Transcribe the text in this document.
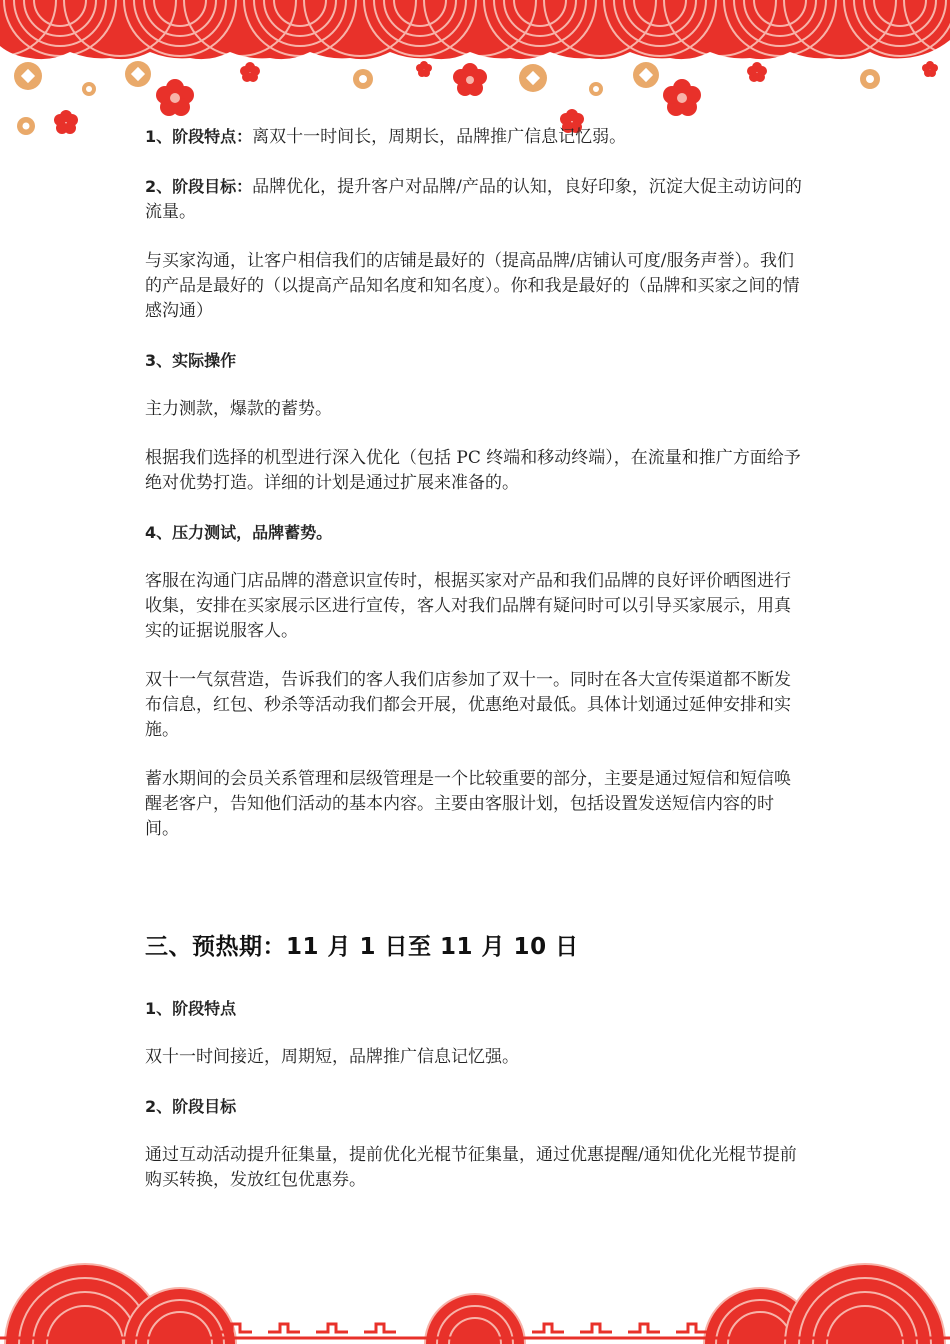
1、阶段特点：离双十一时间长，周期长，品牌推广信息记忆弱。

2、阶段目标：品牌优化，提升客户对品牌/产品的认知，良好印象，沉淀大促主动访问的流量。

与买家沟通，让客户相信我们的店铺是最好的（提高品牌/店铺认可度/服务声誉）。我们的产品是最好的（以提高产品知名度和知名度）。你和我是最好的（品牌和买家之间的情感沟通）

3、实际操作

主力测款，爆款的蓄势。

根据我们选择的机型进行深入优化（包括 PC 终端和移动终端），在流量和推广方面给予绝对优势打造。详细的计划是通过扩展来准备的。

4、压力测试，品牌蓄势。

客服在沟通门店品牌的潜意识宣传时，根据买家对产品和我们品牌的良好评价晒图进行收集，安排在买家展示区进行宣传，客人对我们品牌有疑问时可以引导买家展示，用真实的证据说服客人。

双十一气氛营造，告诉我们的客人我们店参加了双十一。同时在各大宣传渠道都不断发布信息，红包、秒杀等活动我们都会开展，优惠绝对最低。具体计划通过延伸安排和实施。

蓄水期间的会员关系管理和层级管理是一个比较重要的部分，主要是通过短信和短信唤醒老客户，告知他们活动的基本内容。主要由客服计划，包括设置发送短信内容的时间。

三、预热期：11 月 1 日至 11 月 10 日

1、阶段特点

双十一时间接近，周期短，品牌推广信息记忆强。

2、阶段目标

通过互动活动提升征集量，提前优化光棍节征集量，通过优惠提醒/通知优化光棍节提前购买转换，发放红包优惠券。
